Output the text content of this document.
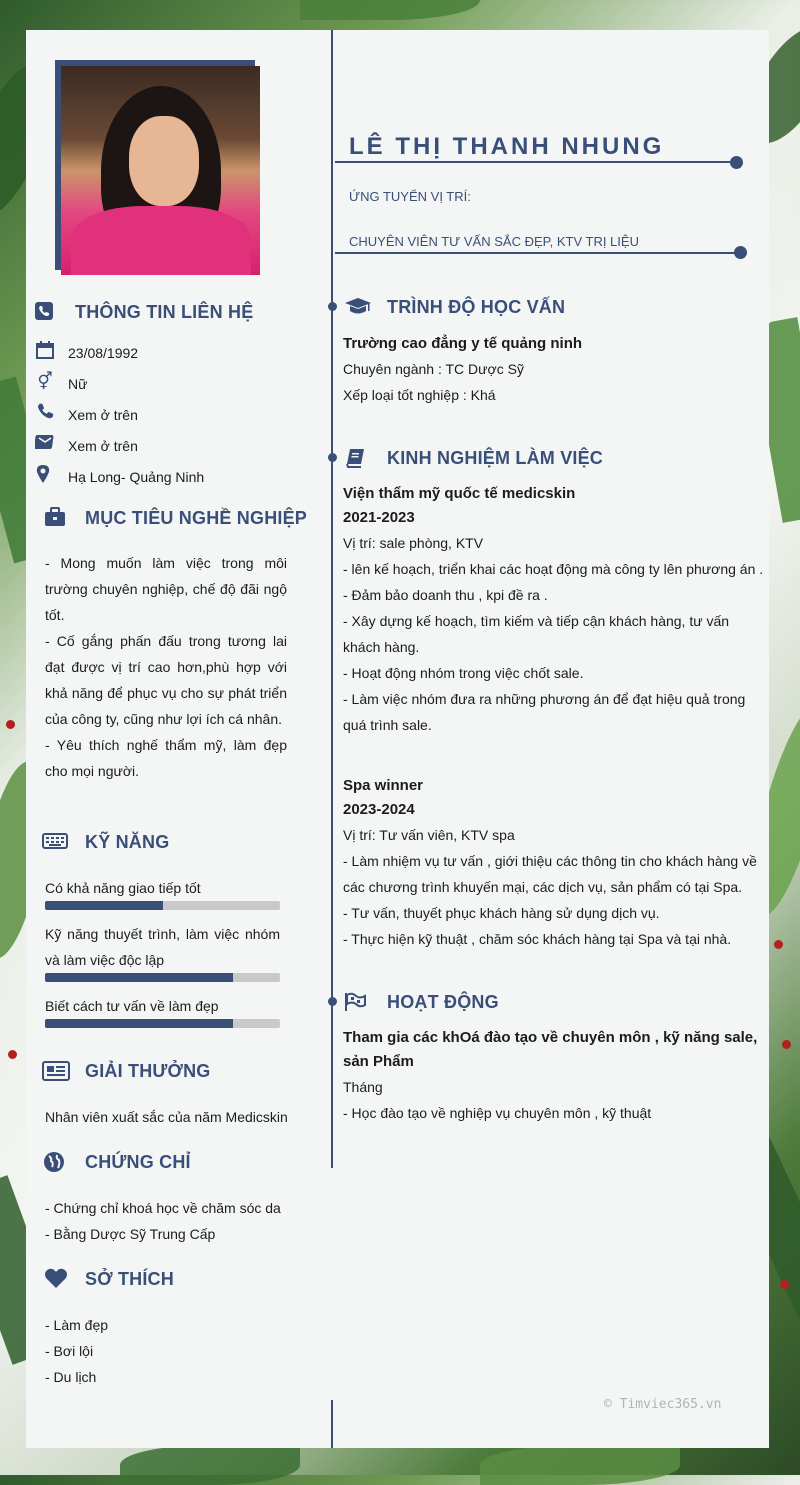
LÊ THỊ THANH NHUNG
ỨNG TUYỂN VỊ TRÍ:
CHUYÊN VIÊN TƯ VẤN SẮC ĐẸP, KTV TRỊ LIỆU
THÔNG TIN LIÊN HỆ
23/08/1992
⚥ Nữ
Xem ở trên
Xem ở trên
Hạ Long- Quảng Ninh
MỤC TIÊU NGHỀ NGHIỆP
- Mong muốn làm việc trong môi trường chuyên nghiệp, chế độ đãi ngộ tốt.
- Cố gắng phấn đấu trong tương lai đạt được vị trí cao hơn,phù hợp với khả năng để phục vụ cho sự phát triển của công ty, cũng như lợi ích cá nhân.
- Yêu thích nghế thẩm mỹ, làm đẹp cho mọi người.
KỸ NĂNG
Có khả năng giao tiếp tốt
Kỹ năng thuyết trình, làm việc nhóm và làm việc độc lập
Biết cách tư vấn về làm đẹp
GIẢI THƯỞNG
Nhân viên xuất sắc của năm Medicskin
CHỨNG CHỈ
- Chứng chỉ khoá học về chăm sóc da
- Bằng Dược Sỹ Trung Cấp
SỞ THÍCH
- Làm đẹp
- Bơi lội
- Du lịch
TRÌNH ĐỘ HỌC VẤN
Trường cao đẳng y tế quảng ninh
Chuyên ngành : TC Dược Sỹ
Xếp loại tốt nghiệp : Khá
KINH NGHIỆM LÀM VIỆC
Viện thẩm mỹ quốc tế medicskin
2021-2023
Vị trí: sale phòng, KTV
- lên kế hoạch, triển khai các hoạt động mà công ty lên phương án .
- Đảm bảo doanh thu , kpi đề ra .
- Xây dựng kế hoạch, tìm kiếm và tiếp cận khách hàng, tư vấn khách hàng.
- Hoạt động nhóm trong việc chốt sale.
- Làm việc nhóm đưa ra những phương án để đạt hiệu quả trong quá trình sale.
Spa winner
2023-2024
Vị trí: Tư vấn viên, KTV spa
- Làm nhiệm vụ tư vấn , giới thiệu các thông tin cho khách hàng về các chương trình khuyến mại, các dịch vụ, sản phẩm có tại Spa.
- Tư vấn, thuyết phục khách hàng sử dụng dịch vụ.
- Thực hiện kỹ thuật , chăm sóc khách hàng tại Spa và tại nhà.
HOẠT ĐỘNG
Tham gia các khOá đào tạo về chuyên môn , kỹ năng sale, sản Phẩm
Tháng
- Học đào tạo về nghiệp vụ chuyên môn , kỹ thuật
© Timviec365.vn
